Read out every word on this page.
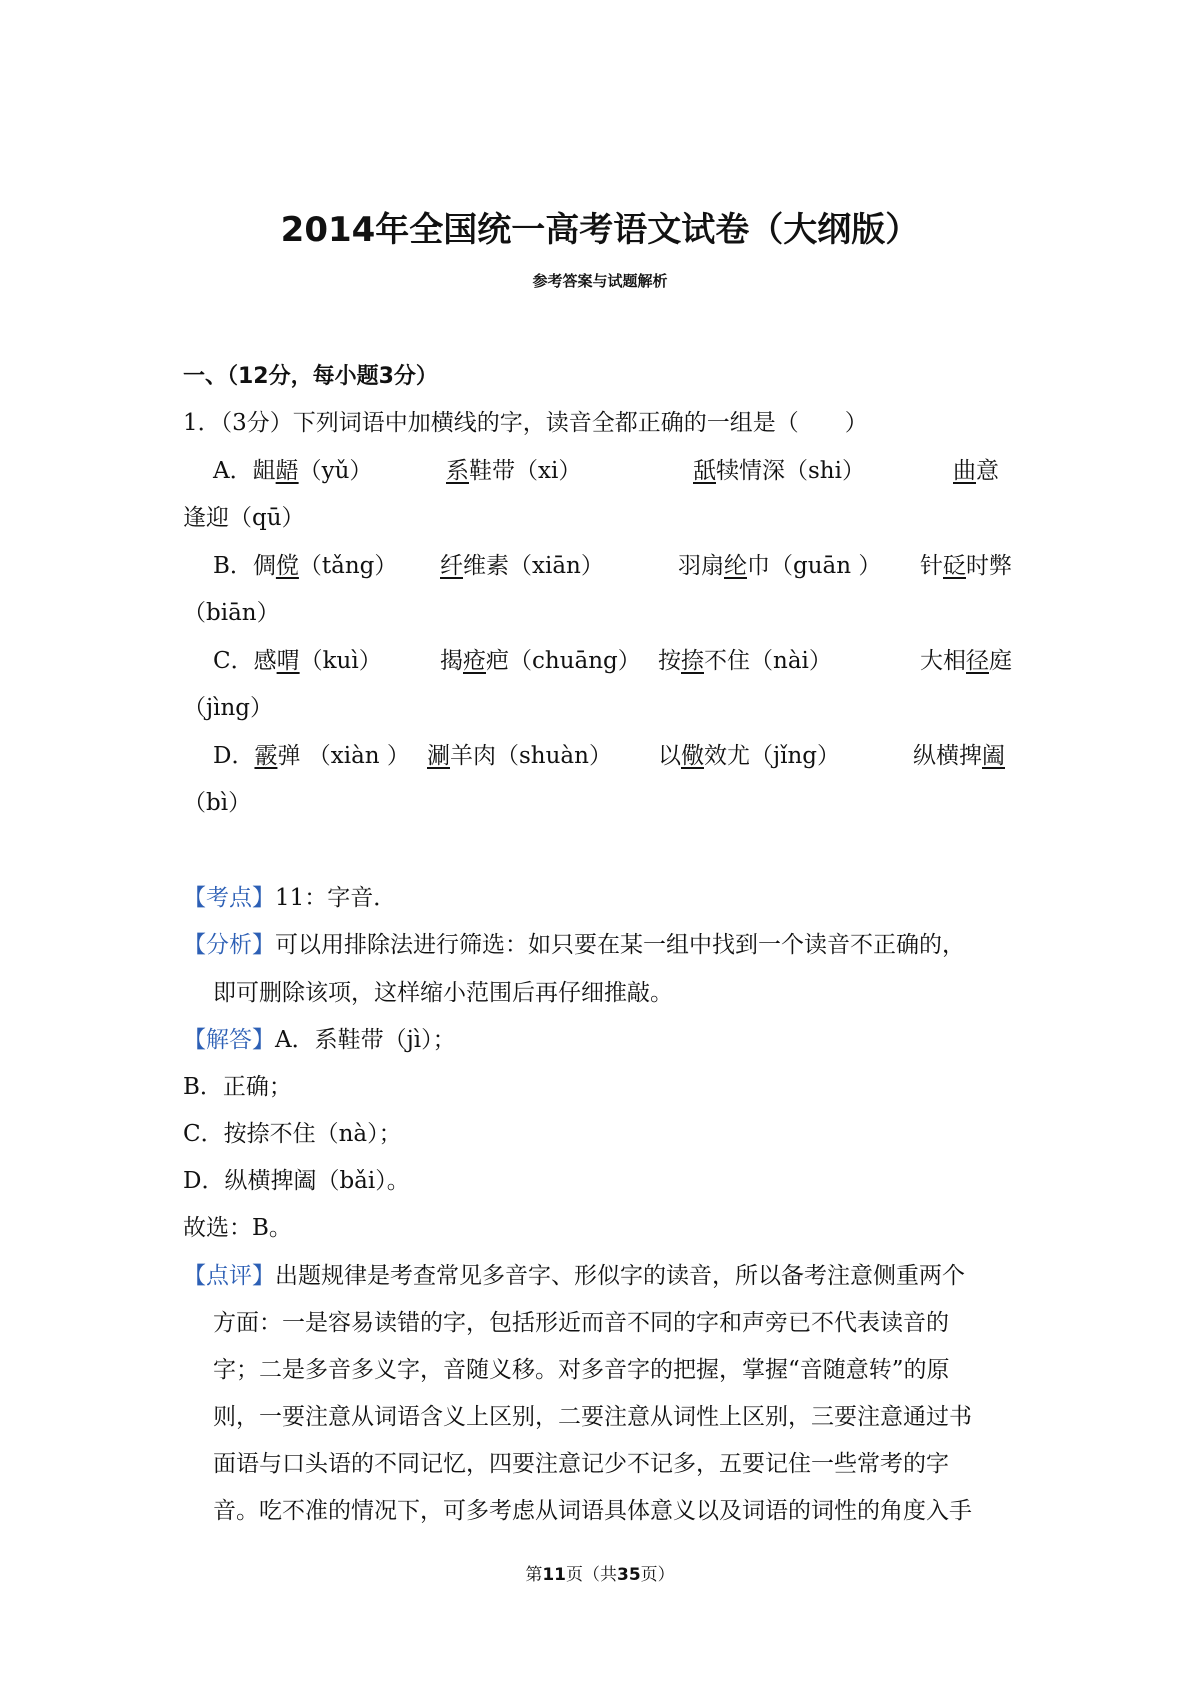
2014年全国统一高考语文试卷（大纲版）
参考答案与试题解析
一、（12分，每小题3分）
1．（3分）下列词语中加横线的字，读音全都正确的一组是（　　）
A．龃龉（yǔ）	系鞋带（xi）	舐犊情深（shi）	曲意
逢迎（qū）
B．倜傥（tǎng） 纤维素（xiān）	羽扇纶巾（guān ） 针砭时弊
（biān）
C．感喟（kuì）	揭疮疤（chuāng） 按捺不住（nài）	大相径庭
（jìng）
D．霰弹 （xiàn ） 涮羊肉（shuàn） 以儆效尤（jǐng）	纵横捭阖
（bì）
【考点】11：字音．
【分析】可以用排除法进行筛选：如只要在某一组中找到一个读音不正确的，
即可删除该项，这样缩小范围后再仔细推敲。
【解答】A．系鞋带（jì）；
B．正确；
C．按捺不住（nà）；
D．纵横捭阖（bǎi）。
故选：B。
【点评】出题规律是考查常见多音字、形似字的读音，所以备考注意侧重两个
方面：一是容易读错的字，包括形近而音不同的字和声旁已不代表读音的
字；二是多音多义字，音随义移。对多音字的把握，掌握“音随意转”的原
则，一要注意从词语含义上区别，二要注意从词性上区别，三要注意通过书
面语与口头语的不同记忆，四要注意记少不记多，五要记住一些常考的字
音。吃不准的情况下，可多考虑从词语具体意义以及词语的词性的角度入手
第11页（共35页）
